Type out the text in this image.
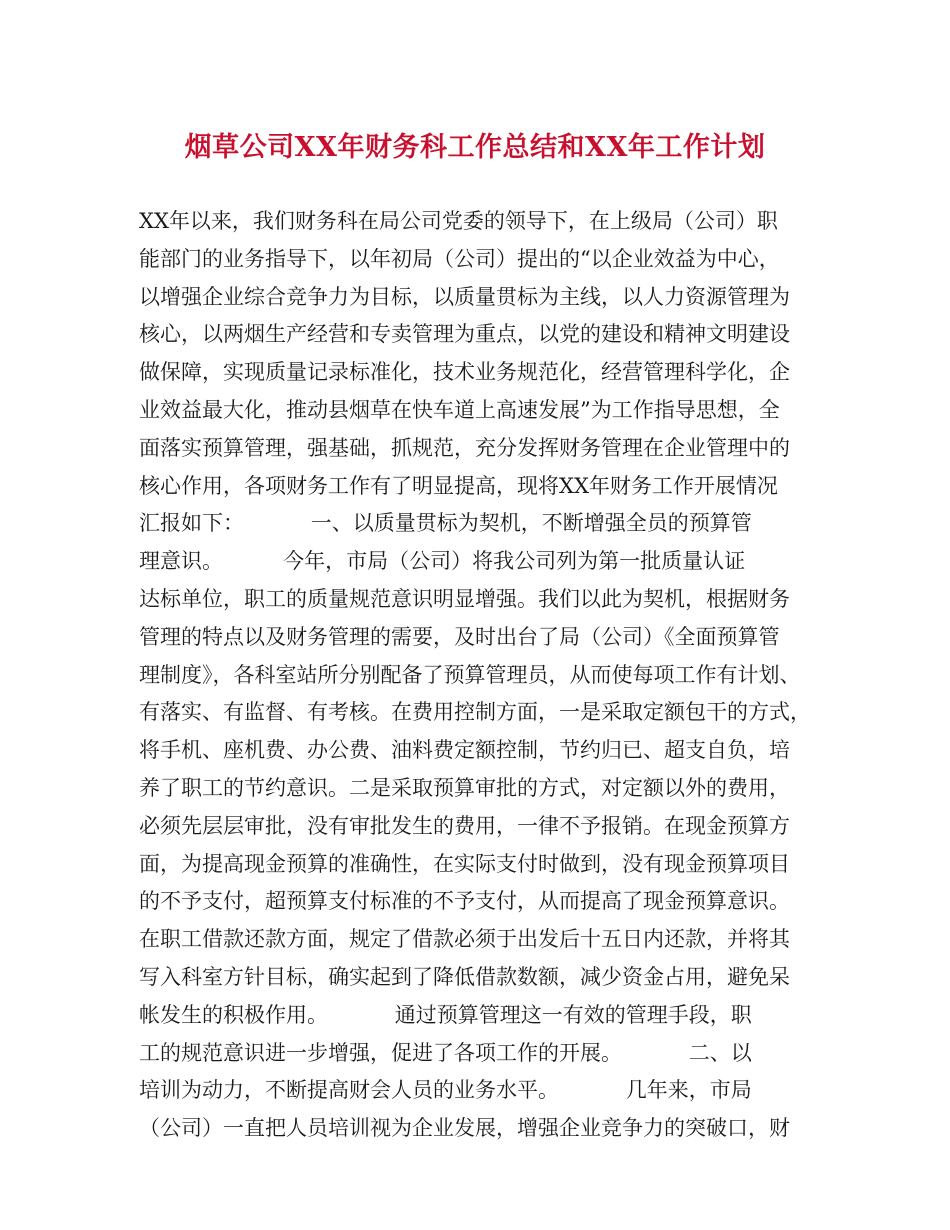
烟草公司XX年财务科工作总结和XX年工作计划

XX年以来，我们财务科在局公司党委的领导下，在上级局（公司）职

能部门的业务指导下，以年初局（公司）提出的“以企业效益为中心，

以增强企业综合竞争力为目标，以质量贯标为主线，以人力资源管理为

核心，以两烟生产经营和专卖管理为重点，以党的建设和精神文明建设

做保障，实现质量记录标准化，技术业务规范化，经营管理科学化，企

业效益最大化，推动县烟草在快车道上高速发展”为工作指导思想，全

面落实预算管理，强基础，抓规范，充分发挥财务管理在企业管理中的

核心作用，各项财务工作有了明显提高，现将XX年财务工作开展情况

汇报如下：          一、以质量贯标为契机，不断增强全员的预算管

理意识。         今年，市局（公司）将我公司列为第一批质量认证

达标单位，职工的质量规范意识明显增强。我们以此为契机，根据财务

管理的特点以及财务管理的需要，及时出台了局（公司）《全面预算管

理制度》，各科室站所分别配备了预算管理员，从而使每项工作有计划、

有落实、有监督、有考核。在费用控制方面，一是采取定额包干的方式，

将手机、座机费、办公费、油料费定额控制，节约归已、超支自负，培

养了职工的节约意识。二是采取预算审批的方式，对定额以外的费用，

必须先层层审批，没有审批发生的费用，一律不予报销。在现金预算方

面，为提高现金预算的准确性，在实际支付时做到，没有现金预算项目

的不予支付，超预算支付标准的不予支付，从而提高了现金预算意识。

在职工借款还款方面，规定了借款必须于出发后十五日内还款，并将其

写入科室方针目标，确实起到了降低借款数额，减少资金占用，避免呆

帐发生的积极作用。          通过预算管理这一有效的管理手段，职

工的规范意识进一步增强，促进了各项工作的开展。          二、以

培训为动力，不断提高财会人员的业务水平。          几年来，市局

（公司）一直把人员培训视为企业发展，增强企业竞争力的突破口，财
